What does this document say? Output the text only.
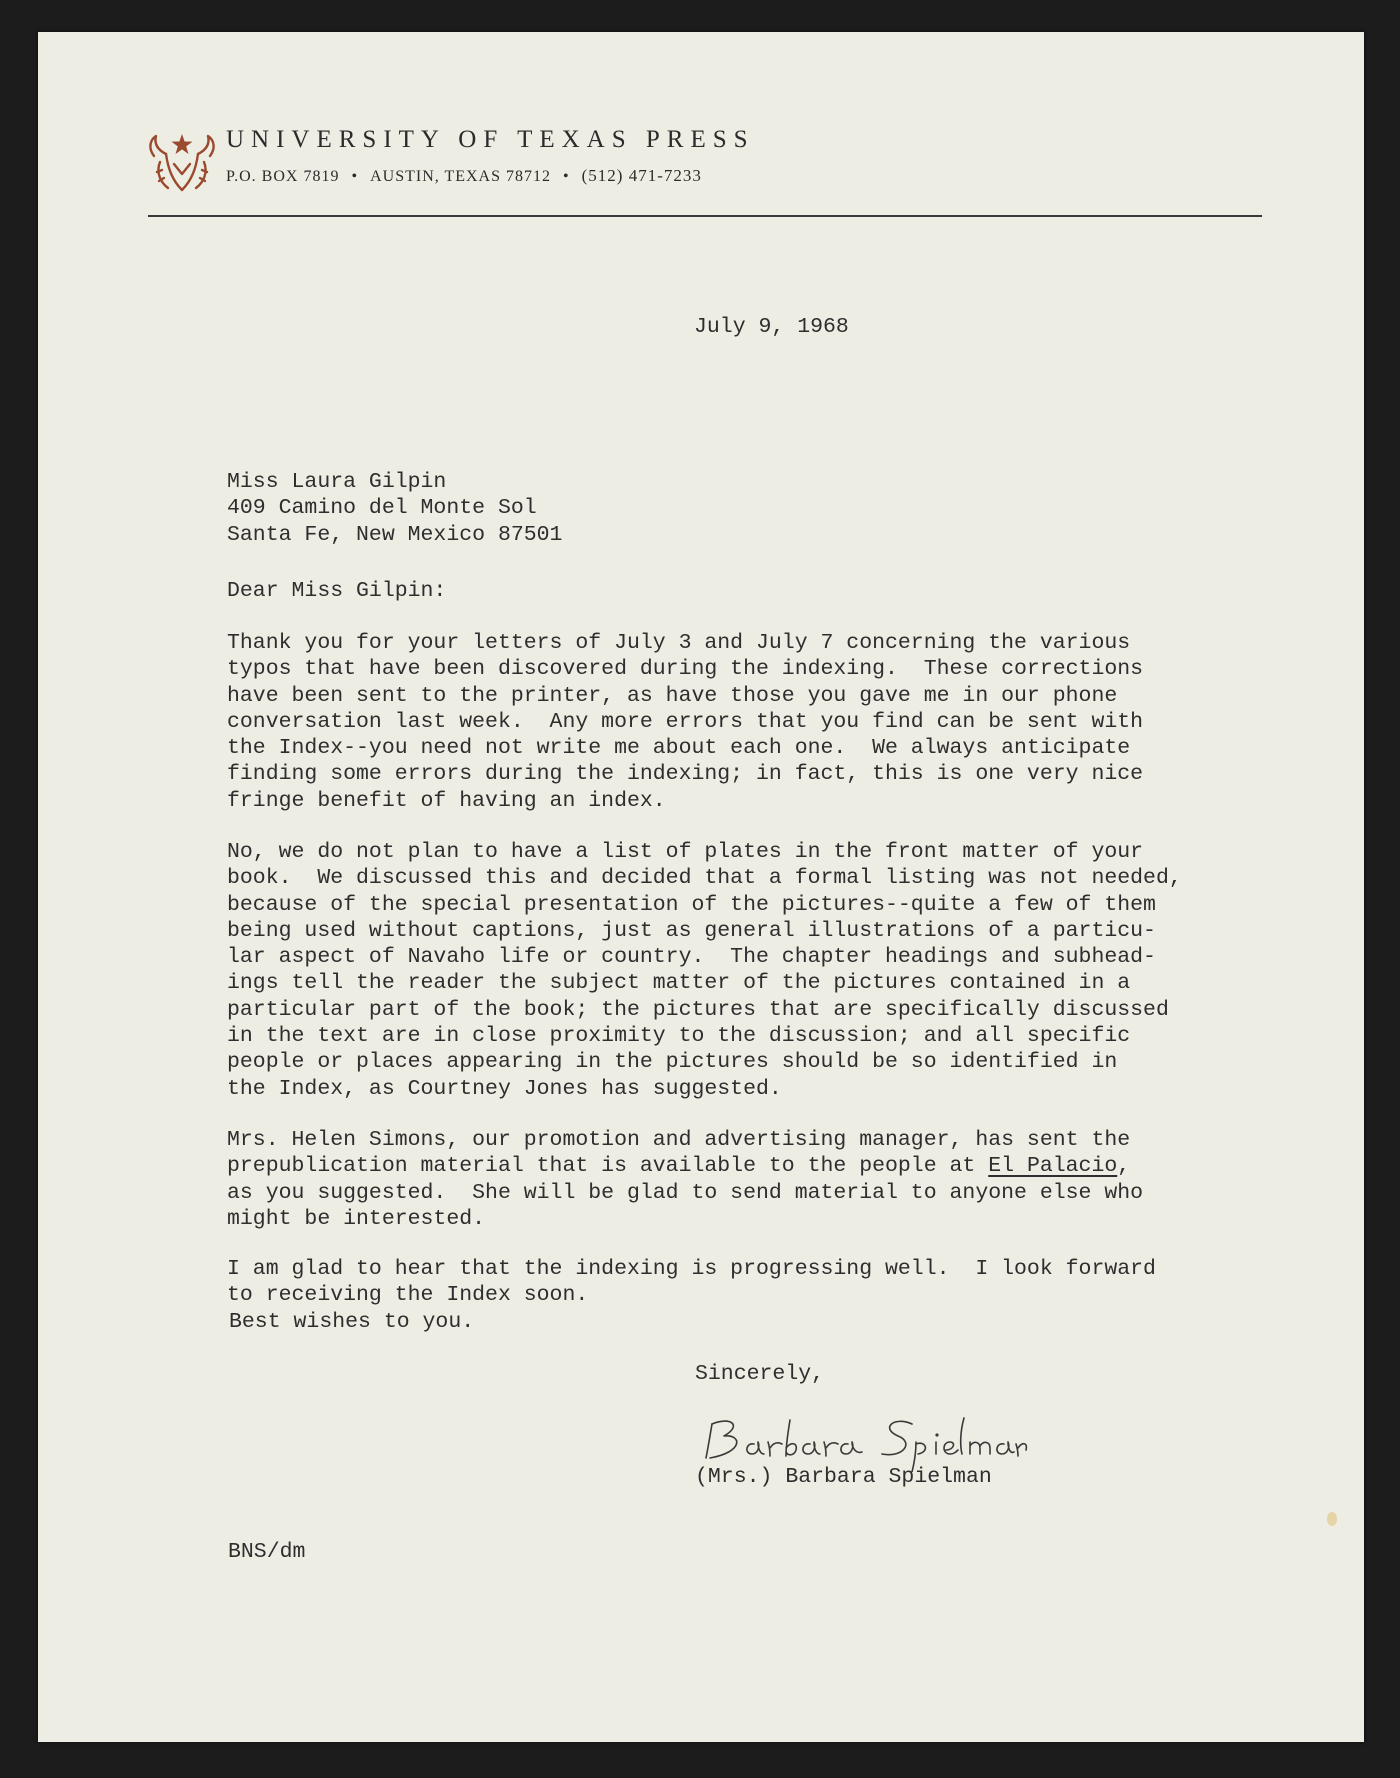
UNIVERSITY OF TEXAS PRESS
P.O. BOX 7819 • AUSTIN, TEXAS 78712 • (512) 471-7233
July 9, 1968
Miss Laura Gilpin
409 Camino del Monte Sol
Santa Fe, New Mexico 87501
Dear Miss Gilpin:
Thank you for your letters of July 3 and July 7 concerning the various
typos that have been discovered during the indexing.  These corrections
have been sent to the printer, as have those you gave me in our phone
conversation last week.  Any more errors that you find can be sent with
the Index--you need not write me about each one.  We always anticipate
finding some errors during the indexing; in fact, this is one very nice
fringe benefit of having an index.
No, we do not plan to have a list of plates in the front matter of your
book.  We discussed this and decided that a formal listing was not needed,
because of the special presentation of the pictures--quite a few of them
being used without captions, just as general illustrations of a particu-
lar aspect of Navaho life or country.  The chapter headings and subhead-
ings tell the reader the subject matter of the pictures contained in a
particular part of the book; the pictures that are specifically discussed
in the text are in close proximity to the discussion; and all specific
people or places appearing in the pictures should be so identified in
the Index, as Courtney Jones has suggested.
Mrs. Helen Simons, our promotion and advertising manager, has sent the
prepublication material that is available to the people at El Palacio,
as you suggested.  She will be glad to send material to anyone else who
might be interested.
I am glad to hear that the indexing is progressing well.  I look forward
to receiving the Index soon.
Best wishes to you.
Sincerely,
(Mrs.) Barbara Spielman
BNS/dm
